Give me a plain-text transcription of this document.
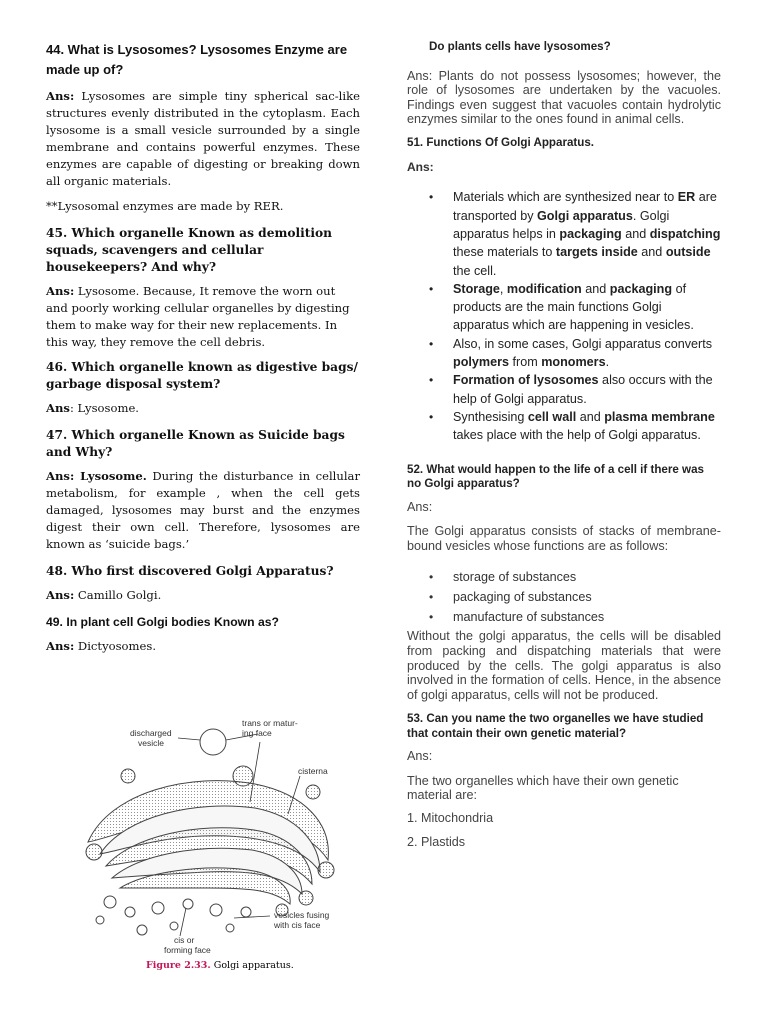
44. What is Lysosomes? Lysosomes Enzyme are made up of?

Ans: Lysosomes are simple tiny spherical sac-like structures evenly distributed in the cytoplasm. Each lysosome is a small vesicle surrounded by a single membrane and contains powerful enzymes. These enzymes are capable of digesting or breaking down all organic materials.

**Lysosomal enzymes are made by RER.

45. Which organelle Known as demolition squads, scavengers and cellular housekeepers? And why?

Ans: Lysosome. Because, It remove the worn out and poorly working cellular organelles by digesting them to make way for their new replacements. In this way, they remove the cell debris.

46. Which organelle known as digestive bags/ garbage disposal system?

Ans: Lysosome.

47. Which organelle Known as Suicide bags and Why?

Ans: Lysosome. During the disturbance in cellular metabolism, for example , when the cell gets damaged, lysosomes may burst and the enzymes digest their own cell. Therefore, lysosomes are known as ‘suicide bags.’

48. Who first discovered Golgi Apparatus?

Ans: Camillo Golgi.

49. In plant cell Golgi bodies Known as?

Ans: Dictyosomes.

discharged
vesicle
trans or matur-
ing face
cisterna
vesicles fusing
with cis face
cis or
forming face
Figure 2.33. Golgi apparatus.

Do plants cells have lysosomes?

Ans: Plants do not possess lysosomes; however, the role of lysosomes are undertaken by the vacuoles. Findings even suggest that vacuoles contain hydrolytic enzymes similar to the ones found in animal cells.

51. Functions Of Golgi Apparatus.

Ans:

• Materials which are synthesized near to ER are transported by Golgi apparatus. Golgi apparatus helps in packaging and dispatching these materials to targets inside and outside the cell.
• Storage, modification and packaging of products are the main functions Golgi apparatus which are happening in vesicles.
• Also, in some cases, Golgi apparatus converts polymers from monomers.
• Formation of lysosomes also occurs with the help of Golgi apparatus.
• Synthesising cell wall and plasma membrane takes place with the help of Golgi apparatus.

52. What would happen to the life of a cell if there was no Golgi apparatus?

Ans:

The Golgi apparatus consists of stacks of membrane-bound vesicles whose functions are as follows:

• storage of substances
• packaging of substances
• manufacture of substances

Without the golgi apparatus, the cells will be disabled from packing and dispatching materials that were produced by the cells. The golgi apparatus is also involved in the formation of cells. Hence, in the absence of golgi apparatus, cells will not be produced.

53. Can you name the two organelles we have studied that contain their own genetic material?

Ans:

The two organelles which have their own genetic material are:

1. Mitochondria

2. Plastids
